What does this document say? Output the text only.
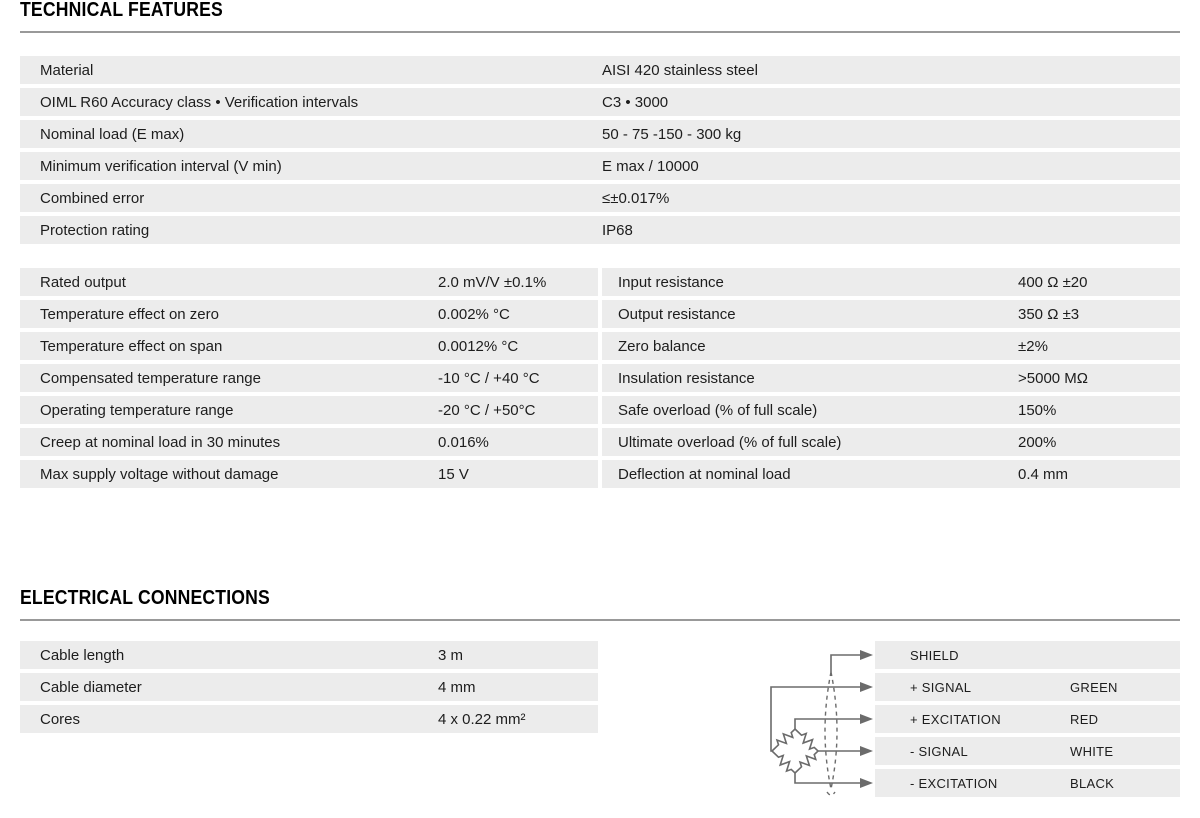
TECHNICAL FEATURES
Material	AISI 420 stainless steel
OIML R60 Accuracy class • Verification intervals	C3 • 3000
Nominal load (E max)	50 - 75 -150 - 300 kg
Minimum verification interval (V min)	E max / 10000
Combined error	≤±0.017%
Protection rating	IP68
Rated output	2.0 mV/V ±0.1%
Temperature effect on zero	0.002% °C
Temperature effect on span	0.0012% °C
Compensated temperature range	-10 °C / +40 °C
Operating temperature range	-20 °C / +50°C
Creep at nominal load in 30 minutes	0.016%
Max supply voltage without damage	15 V
Input resistance	400 Ω ±20
Output resistance	350 Ω ±3
Zero balance	±2%
Insulation resistance	>5000 MΩ
Safe overload (% of full scale)	150%
Ultimate overload (% of full scale)	200%
Deflection at nominal load	0.4 mm
ELECTRICAL CONNECTIONS
Cable length	3 m
Cable diameter	4 mm
Cores	4 x 0.22 mm²
SHIELD
+ SIGNAL	GREEN
+ EXCITATION	RED
- SIGNAL	WHITE
- EXCITATION	BLACK
